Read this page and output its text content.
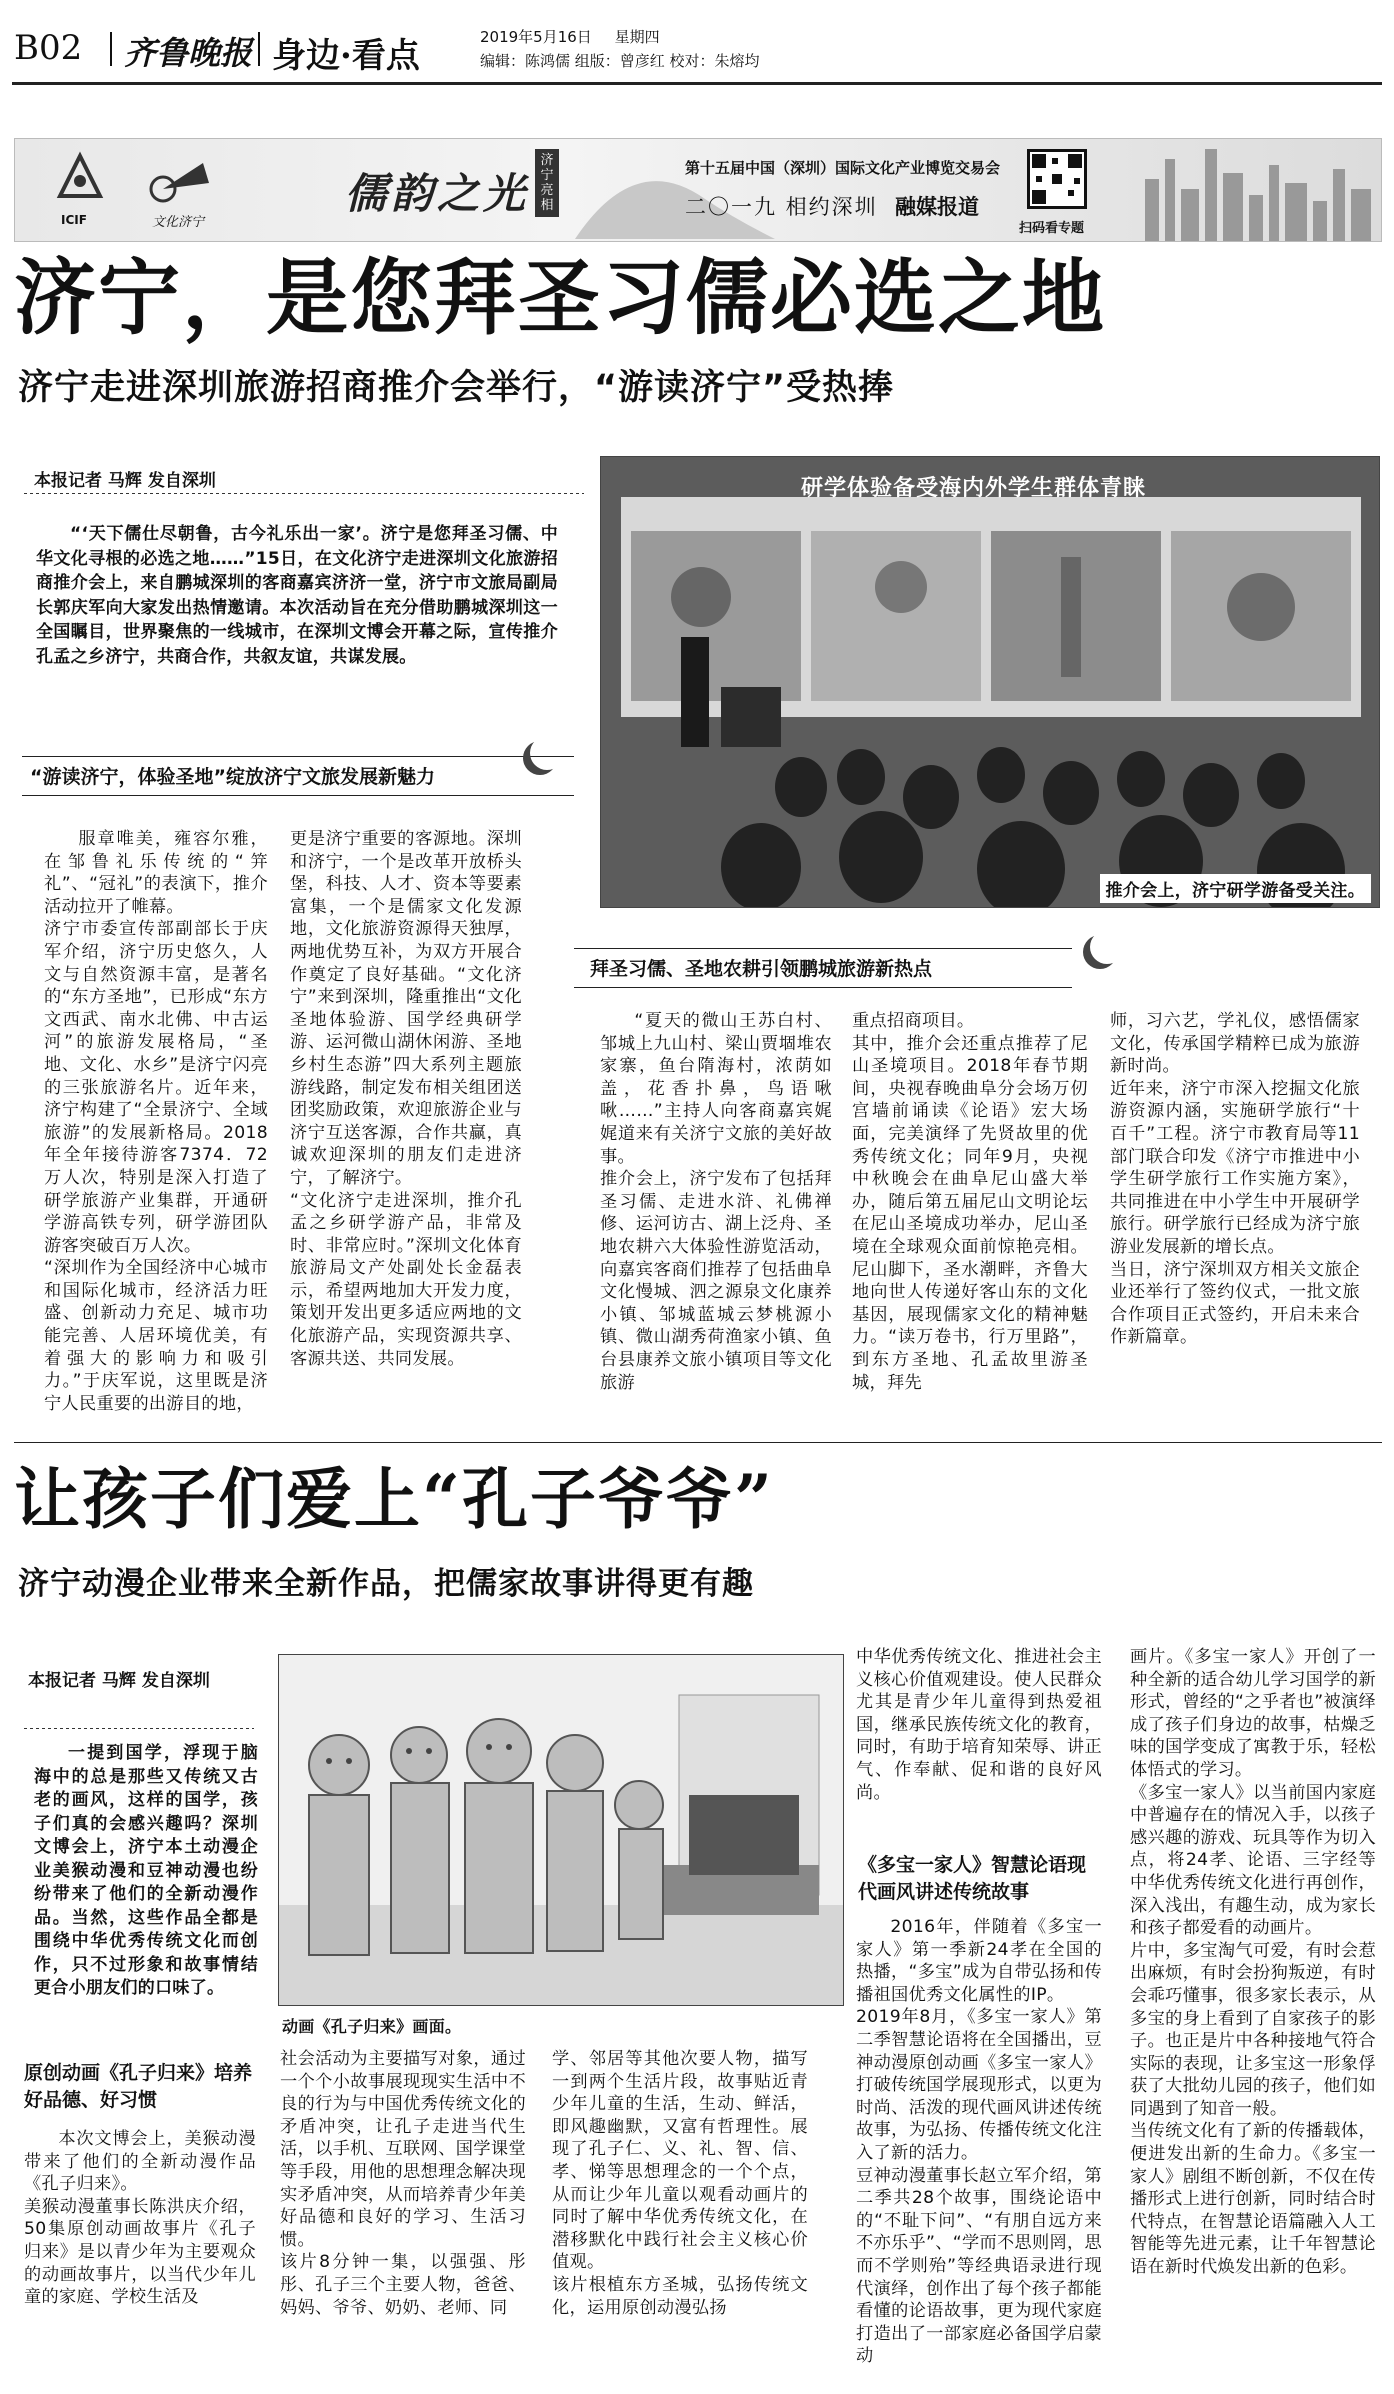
B02 齐鲁晚报 身边·看点	2019年5月16日 星期四
编辑：陈鸿儒 组版：曾彦红 校对：朱熔均
ICIF	文化济宁
儒韵之光
济宁亮相
第十五届中国（深圳）国际文化产业博览交易会
二〇一九 相约深圳 融媒报道
扫码看专题
济宁，是您拜圣习儒必选之地
济宁走进深圳旅游招商推介会举行，“游读济宁”受热捧
本报记者 马辉 发自深圳

“‘天下儒仕尽朝鲁，古今礼乐出一家’。济宁是您拜圣习儒、中华文化寻根的必选之地……”15日，在文化济宁走进深圳文化旅游招商推介会上，来自鹏城深圳的客商嘉宾济济一堂，济宁市文旅局副局长郭庆军向大家发出热情邀请。本次活动旨在充分借助鹏城深圳这一全国瞩目，世界聚焦的一线城市，在深圳文博会开幕之际，宣传推介孔孟之乡济宁，共商合作，共叙友谊，共谋发展。

“游读济宁，体验圣地”绽放济宁文旅发展新魅力
服章唯美，雍容尔雅，在邹鲁礼乐传统的“笄礼”、“冠礼”的表演下，推介活动拉开了帷幕。
济宁市委宣传部副部长于庆军介绍，济宁历史悠久，人文与自然资源丰富，是著名的“东方圣地”，已形成“东方文西武、南水北佛、中古运河”的旅游发展格局，“圣地、文化、水乡”是济宁闪亮的三张旅游名片。近年来，济宁构建了“全景济宁、全域旅游”的发展新格局。2018年全年接待游客7374．72万人次，特别是深入打造了研学旅游产业集群，开通研学游高铁专列，研学游团队游客突破百万人次。
“深圳作为全国经济中心城市和国际化城市，经济活力旺盛、创新动力充足、城市功能完善、人居环境优美，有着强大的影响力和吸引力。”于庆军说，这里既是济宁人民重要的出游目的地，
更是济宁重要的客源地。深圳和济宁，一个是改革开放桥头堡，科技、人才、资本等要素富集，一个是儒家文化发源地，文化旅游资源得天独厚，两地优势互补，为双方开展合作奠定了良好基础。“文化济宁”来到深圳，隆重推出“文化圣地体验游、国学经典研学游、运河微山湖休闲游、圣地乡村生态游”四大系列主题旅游线路，制定发布相关组团送团奖励政策，欢迎旅游企业与济宁互送客源，合作共赢，真诚欢迎深圳的朋友们走进济宁，了解济宁。
“文化济宁走进深圳，推介孔孟之乡研学游产品，非常及时、非常应时。”深圳文化体育旅游局文产处副处长金磊表示，希望两地加大开发力度，策划开发出更多适应两地的文化旅游产品，实现资源共享、客源共送、共同发展。
研学体验备受海内外学生群体青睐
推介会上，济宁研学游备受关注。
拜圣习儒、圣地农耕引领鹏城旅游新热点
“夏天的微山王苏白村、邹城上九山村、梁山贾堌堆农家寨，鱼台隋海村，浓荫如盖，花香扑鼻，鸟语啾啾……”主持人向客商嘉宾娓娓道来有关济宁文旅的美好故事。
推介会上，济宁发布了包括拜圣习儒、走进水浒、礼佛禅修、运河访古、湖上泛舟、圣地农耕六大体验性游览活动，向嘉宾客商们推荐了包括曲阜文化慢城、泗之源泉文化康养小镇、邹城蓝城云梦桃源小镇、微山湖秀荷渔家小镇、鱼台县康养文旅小镇项目等文化旅游
重点招商项目。
其中，推介会还重点推荐了尼山圣境项目。2018年春节期间，央视春晚曲阜分会场万仞宫墙前诵读《论语》宏大场面，完美演绎了先贤故里的优秀传统文化；同年9月，央视中秋晚会在曲阜尼山盛大举办，随后第五届尼山文明论坛在尼山圣境成功举办，尼山圣境在全球观众面前惊艳亮相。尼山脚下，圣水潮畔，齐鲁大地向世人传递好客山东的文化基因，展现儒家文化的精神魅力。“读万卷书，行万里路”，到东方圣地、孔孟故里游圣城，拜先
师，习六艺，学礼仪，感悟儒家文化，传承国学精粹已成为旅游新时尚。
近年来，济宁市深入挖掘文化旅游资源内涵，实施研学旅行“十百千”工程。济宁市教育局等11部门联合印发《济宁市推进中小学生研学旅行工作实施方案》，共同推进在中小学生中开展研学旅行。研学旅行已经成为济宁旅游业发展新的增长点。
当日，济宁深圳双方相关文旅企业还举行了签约仪式，一批文旅合作项目正式签约，开启未来合作新篇章。
让孩子们爱上“孔子爷爷”
济宁动漫企业带来全新作品，把儒家故事讲得更有趣
本报记者 马辉 发自深圳

一提到国学，浮现于脑海中的总是那些又传统又古老的画风，这样的国学，孩子们真的会感兴趣吗？深圳文博会上，济宁本土动漫企业美猴动漫和豆神动漫也纷纷带来了他们的全新动漫作品。当然，这些作品全都是围绕中华优秀传统文化而创作，只不过形象和故事情结更合小朋友们的口味了。

动画《孔子归来》画面。
原创动画《孔子归来》培养好品德、好习惯
本次文博会上，美猴动漫带来了他们的全新动漫作品《孔子归来》。
美猴动漫董事长陈洪庆介绍，50集原创动画故事片《孔子归来》是以青少年为主要观众的动画故事片，以当代少年儿童的家庭、学校生活及
社会活动为主要描写对象，通过一个个小故事展现现实生活中不良的行为与中国优秀传统文化的矛盾冲突，让孔子走进当代生活，以手机、互联网、国学课堂等手段，用他的思想理念解决现实矛盾冲突，从而培养青少年美好品德和良好的学习、生活习惯。
该片8分钟一集，以强强、彤彤、孔子三个主要人物，爸爸、妈妈、爷爷、奶奶、老师、同
学、邻居等其他次要人物，描写一到两个生活片段，故事贴近青少年儿童的生活，生动、鲜活，即风趣幽默，又富有哲理性。展现了孔子仁、义、礼、智、信、孝、悌等思想理念的一个个点，从而让少年儿童以观看动画片的同时了解中华优秀传统文化，在潜移默化中践行社会主义核心价值观。
该片根植东方圣城，弘扬传统文化，运用原创动漫弘扬
中华优秀传统文化、推进社会主义核心价值观建设。使人民群众尤其是青少年儿童得到热爱祖国，继承民族传统文化的教育，同时，有助于培育知荣辱、讲正气、作奉献、促和谐的良好风尚。
《多宝一家人》智慧论语现代画风讲述传统故事
2016年，伴随着《多宝一家人》第一季新24孝在全国的热播，“多宝”成为自带弘扬和传播祖国优秀文化属性的IP。
2019年8月，《多宝一家人》第二季智慧论语将在全国播出，豆神动漫原创动画《多宝一家人》打破传统国学展现形式，以更为时尚、活泼的现代画风讲述传统故事，为弘扬、传播传统文化注入了新的活力。
豆神动漫董事长赵立军介绍，第二季共28个故事，围绕论语中的“不耻下问”、“有朋自远方来不亦乐乎”、“学而不思则罔，思而不学则殆”等经典语录进行现代演绎，创作出了每个孩子都能看懂的论语故事，更为现代家庭打造出了一部家庭必备国学启蒙动
画片。《多宝一家人》开创了一种全新的适合幼儿学习国学的新形式，曾经的“之乎者也”被演绎成了孩子们身边的故事，枯燥乏味的国学变成了寓教于乐，轻松体悟式的学习。
《多宝一家人》以当前国内家庭中普遍存在的情况入手，以孩子感兴趣的游戏、玩具等作为切入点，将24孝、论语、三字经等中华优秀传统文化进行再创作，深入浅出，有趣生动，成为家长和孩子都爱看的动画片。
片中，多宝淘气可爱，有时会惹出麻烦，有时会扮狗叛逆，有时会乖巧懂事，很多家长表示，从多宝的身上看到了自家孩子的影子。也正是片中各种接地气符合实际的表现，让多宝这一形象俘获了大批幼儿园的孩子，他们如同遇到了知音一般。
当传统文化有了新的传播载体，便进发出新的生命力。《多宝一家人》剧组不断创新，不仅在传播形式上进行创新，同时结合时代特点，在智慧论语篇融入人工智能等先进元素，让千年智慧论语在新时代焕发出新的色彩。
